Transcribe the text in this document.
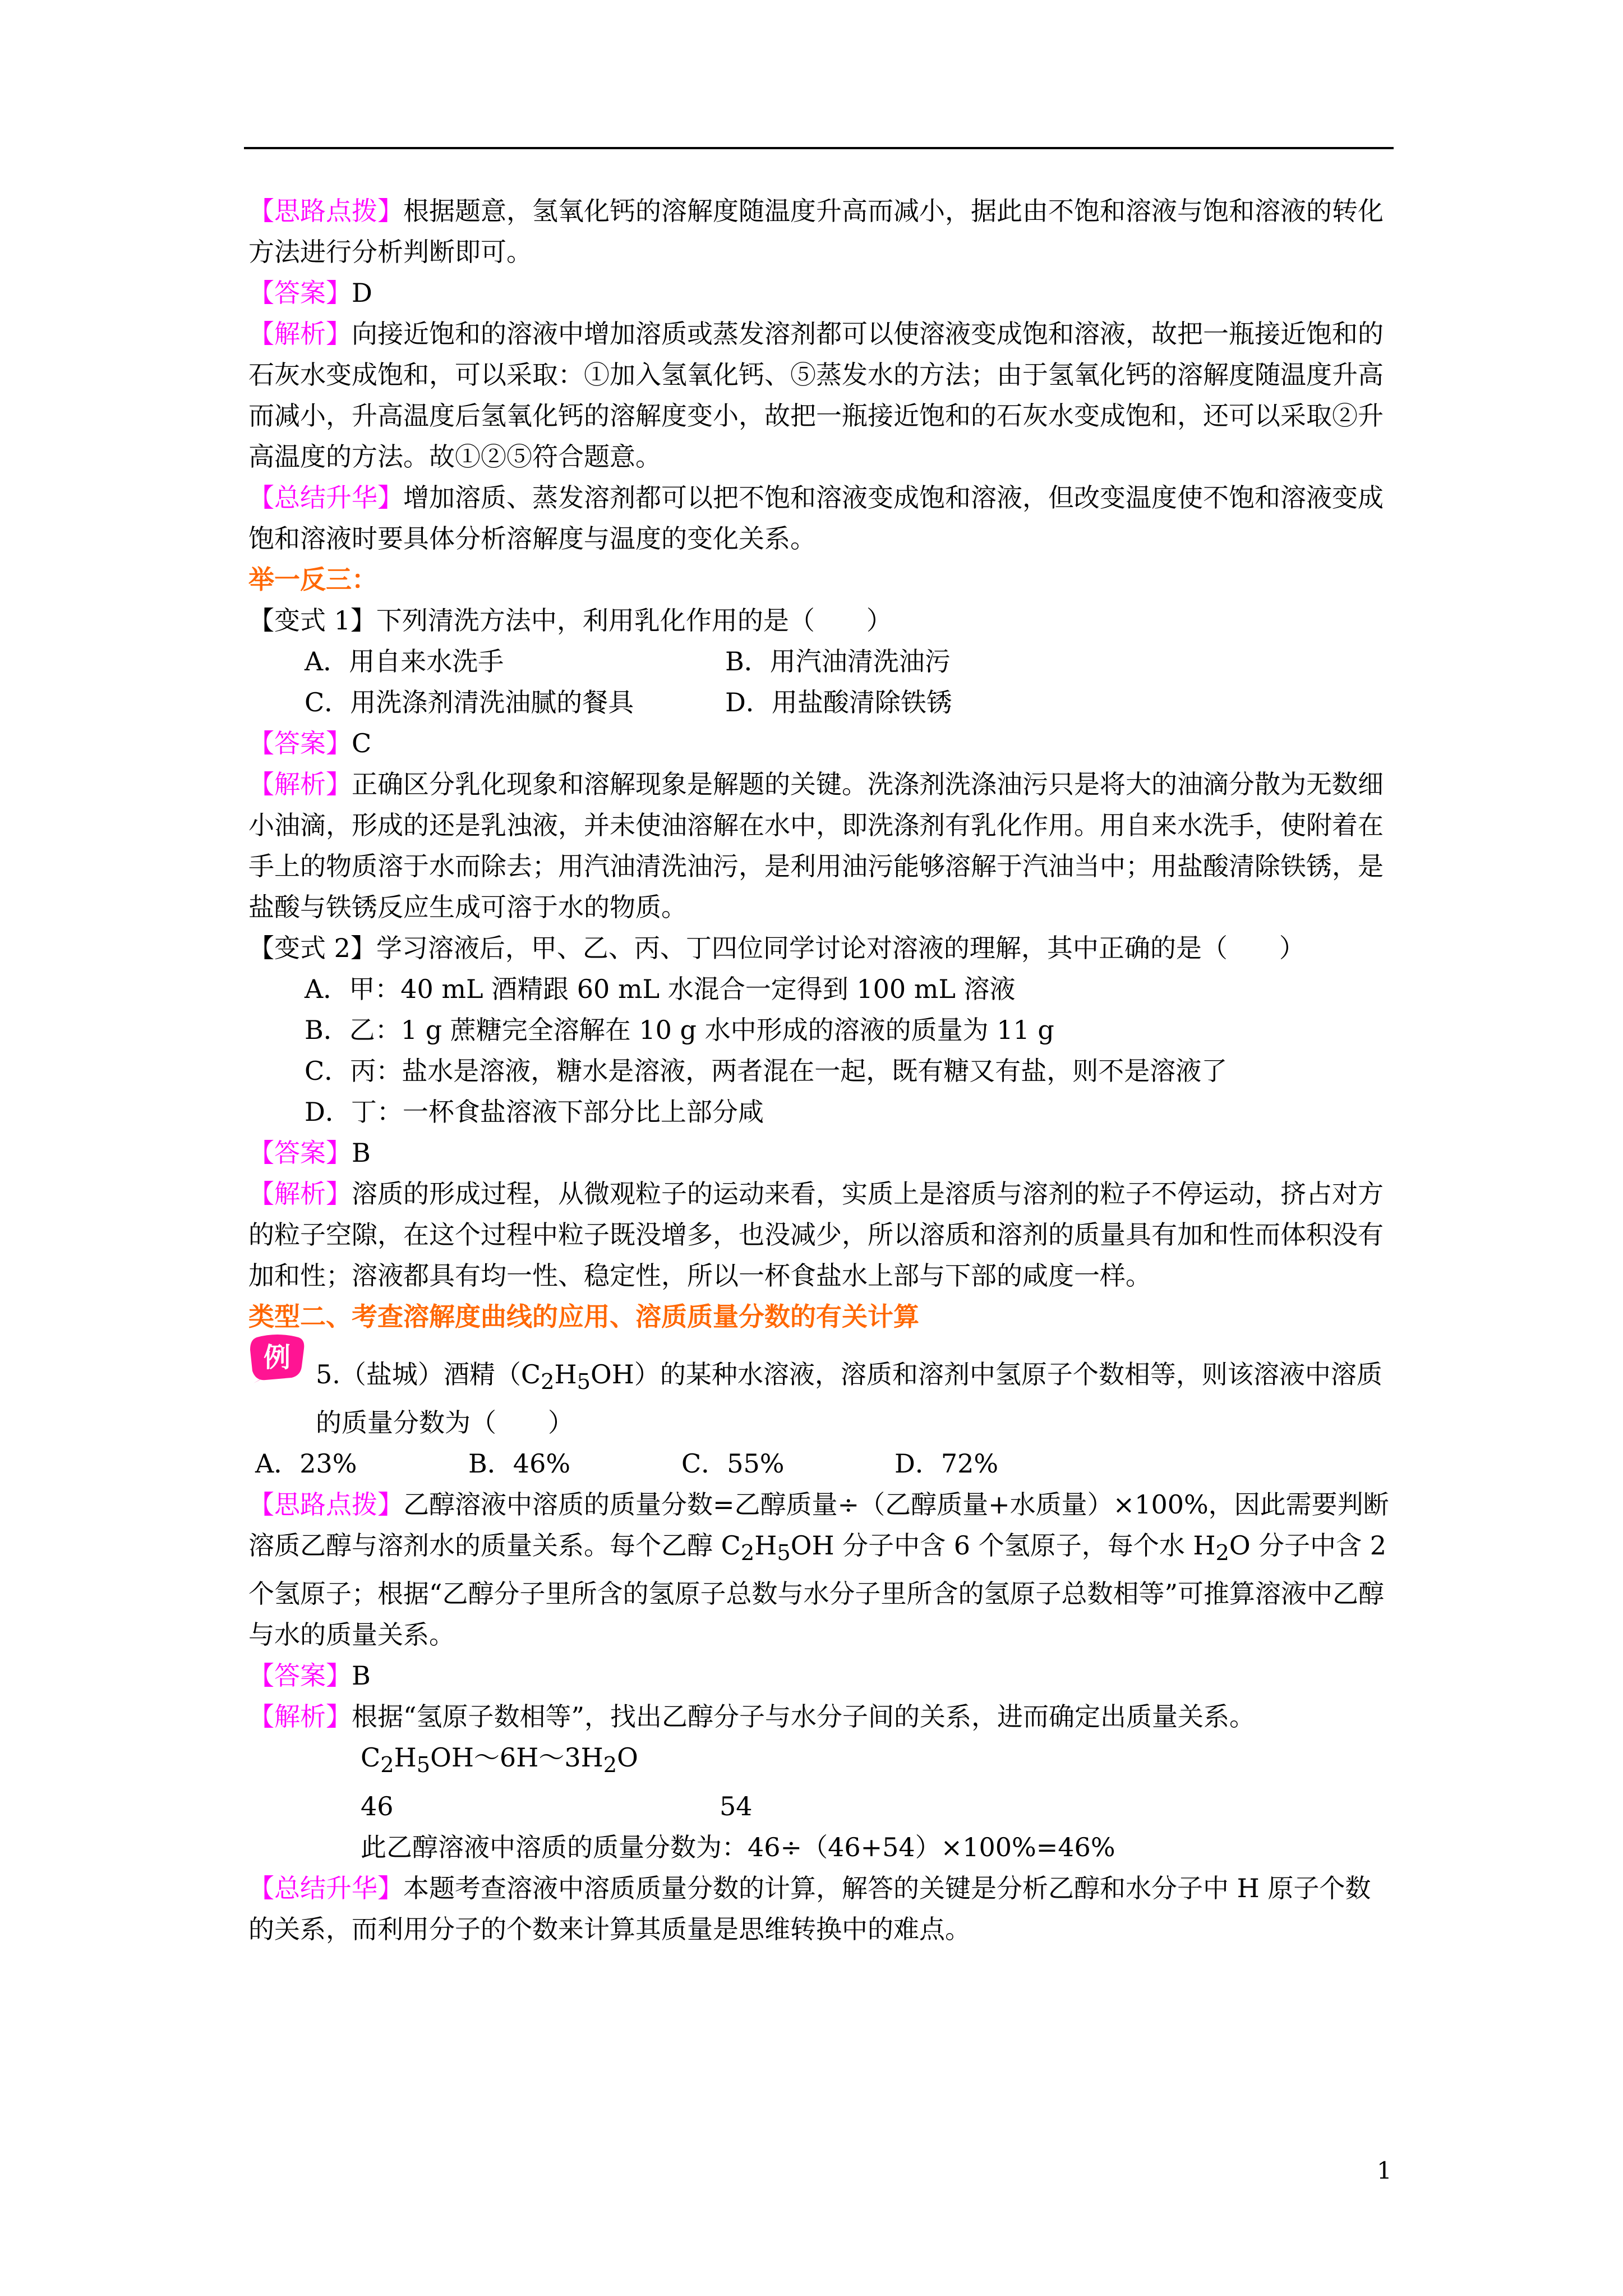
【 思路点拨 】 根据题意，氢氧化钙的溶解度随温度升高而减小，据此由不饱和溶液与饱和溶液的转化方法进行分析判断即可。

【 答案 】 D

【 解析 】 向接近饱和的溶液中增加溶质或蒸发溶剂都可以使溶液变成饱和溶液，故把一瓶接近饱和的石灰水变成饱和，可以采取：①加入氢氧化钙、⑤蒸发水的方法；由于氢氧化钙的溶解度随温度升高而减小，升高温度后氢氧化钙的溶解度变小，故把一瓶接近饱和的石灰水变成饱和，还可以采取②升高温度的方法。故①②⑤符合题意。

【 总结升华 】 增加溶质、蒸发溶剂都可以把不饱和溶液变成饱和溶液，但改变温度使不饱和溶液变成饱和溶液时要具体分析溶解度与温度的变化关系。

举一反三：

【 变式 1 】 下列清洗方法中，利用乳化作用的是（　　）

A．用自来水洗手	B．用汽油清洗油污
C．用洗涤剂清洗油腻的餐具	D．用盐酸清除铁锈

【 答案 】 C

【 解析 】 正确区分乳化现象和溶解现象是解题的关键。洗涤剂洗涤油污只是将大的油滴分散为无数细小油滴，形成的还是乳浊液，并未使油溶解在水中，即洗涤剂有乳化作用。用自来水洗手，使附着在手上的物质溶于水而除去；用汽油清洗油污，是利用油污能够溶解于汽油当中；用盐酸清除铁锈，是盐酸与铁锈反应生成可溶于水的物质。

【 变式 2 】 学习溶液后，甲、乙、丙、丁四位同学讨论对溶液的理解，其中正确的是（　　）

A．甲：40 mL 酒精跟 60 mL 水混合一定得到 100 mL 溶液

B．乙：1 g 蔗糖完全溶解在 10 g 水中形成的溶液的质量为 11 g

C．丙：盐水是溶液，糖水是溶液，两者混在一起，既有糖又有盐，则不是溶液了

D．丁：一杯食盐溶液下部分比上部分咸

【 答案 】 B

【 解析 】 溶质的形成过程，从微观粒子的运动来看，实质上是溶质与溶剂的粒子不停运动，挤占对方的粒子空隙，在这个过程中粒子既没增多，也没减少，所以溶质和溶剂的质量具有加和性而体积没有加和性；溶液都具有均一性、稳定性，所以一杯食盐水上部与下部的咸度一样。

类型二、考查溶解度曲线的应用、溶质质量分数的有关计算

例
5.（盐城）酒精$(C_2H_5OH)$的某种水溶液，溶质和溶剂中氢原子个数相等，则该溶液中溶质的质量分数为（　　）
A．23%	B．46%	C．55%	D．72%

【 思路点拨 】 乙醇溶液中溶质的质量分数=乙醇质量÷（乙醇质量+水质量）×100%，因此需要判断溶质乙醇与溶剂水的质量关系。每个乙醇 $C_2H_5OH$ 分子中含 6 个氢原子，每个水 $H_2O$ 分子中含 2 个氢原子；根据“乙醇分子里所含的氢原子总数与水分子里所含的氢原子总数相等”可推算溶液中乙醇与水的质量关系。

【 答案 】 B

【 解析 】 根据“氢原子数相等”，找出乙醇分子与水分子间的关系，进而确定出质量关系。

$C_2H_5OH\sim 6H\sim 3H_2O$

46	54

此乙醇溶液中溶质的质量分数为：46÷（46+54）×100%=46%

【 总结升华 】 本题考查溶液中溶质质量分数的计算，解答的关键是分析乙醇和水分子中 H 原子个数的关系，而利用分子的个数来计算其质量是思维转换中的难点。

1
